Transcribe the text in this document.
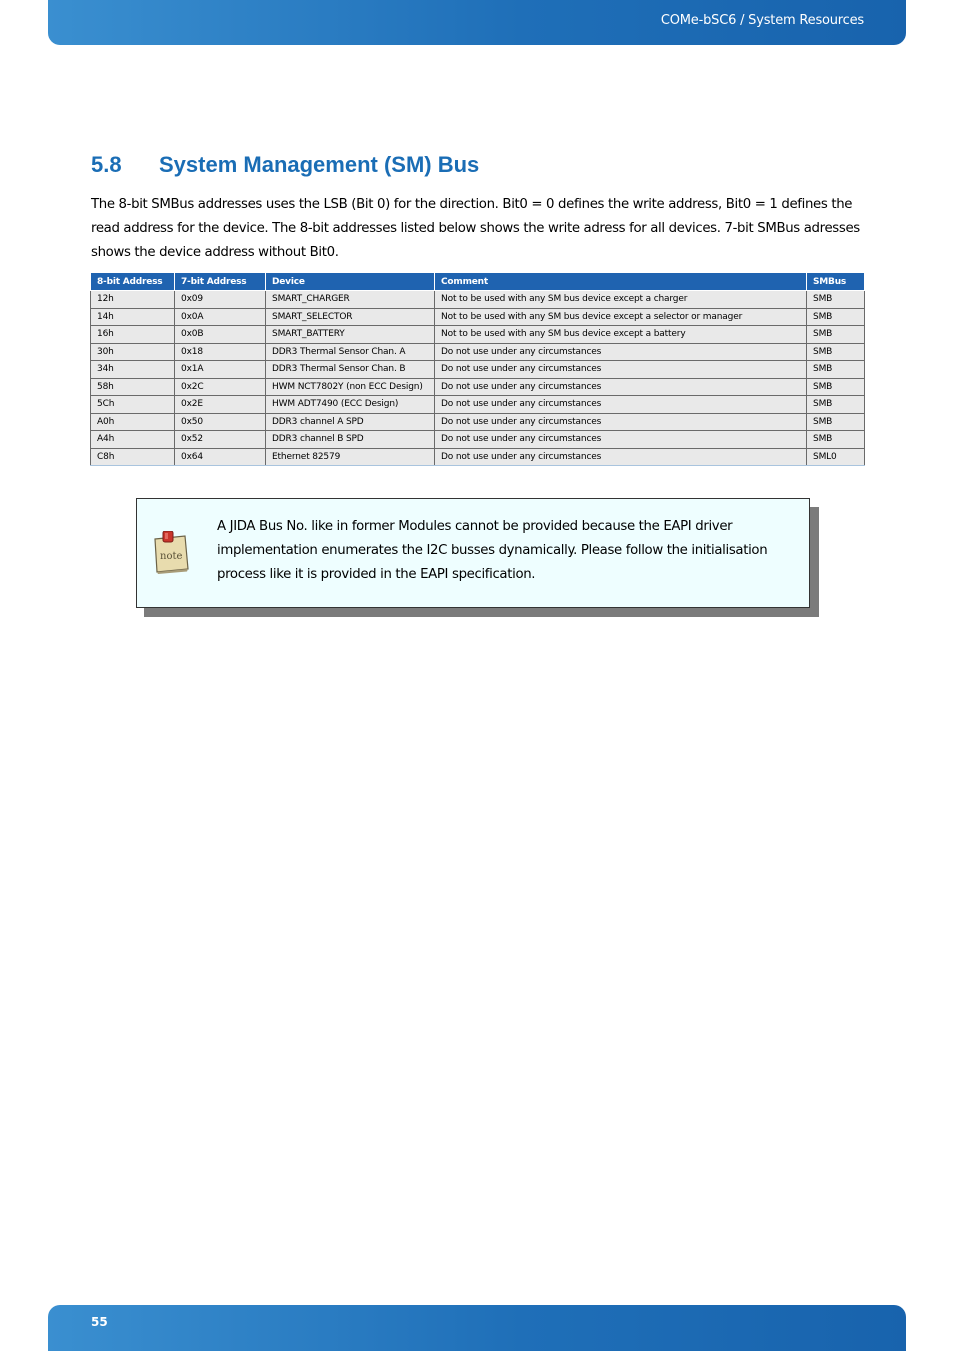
COMe-bSC6 / System Resources
5.8 System Management (SM) Bus

The 8-bit SMBus addresses uses the LSB (Bit 0) for the direction. Bit0 = 0 defines the write address, Bit0 = 1 defines the read address for the device. The 8-bit addresses listed below shows the write adress for all devices. 7-bit SMBus adresses shows the device address without Bit0.

8-bit Address	7-bit Address	Device	Comment	SMBus
12h	0x09	SMART_CHARGER	Not to be used with any SM bus device except a charger	SMB
14h	0x0A	SMART_SELECTOR	Not to be used with any SM bus device except a selector or manager	SMB
16h	0x0B	SMART_BATTERY	Not to be used with any SM bus device except a battery	SMB
30h	0x18	DDR3 Thermal Sensor Chan. A	Do not use under any circumstances	SMB
34h	0x1A	DDR3 Thermal Sensor Chan. B	Do not use under any circumstances	SMB
58h	0x2C	HWM NCT7802Y (non ECC Design)	Do not use under any circumstances	SMB
5Ch	0x2E	HWM ADT7490 (ECC Design)	Do not use under any circumstances	SMB
A0h	0x50	DDR3 channel A SPD	Do not use under any circumstances	SMB
A4h	0x52	DDR3 channel B SPD	Do not use under any circumstances	SMB
C8h	0x64	Ethernet 82579	Do not use under any circumstances	SML0
note

A JIDA Bus No. like in former Modules cannot be provided because the EAPI driver implementation enumerates the I2C busses dynamically. Please follow the initialisation process like it is provided in the EAPI specification.

55
